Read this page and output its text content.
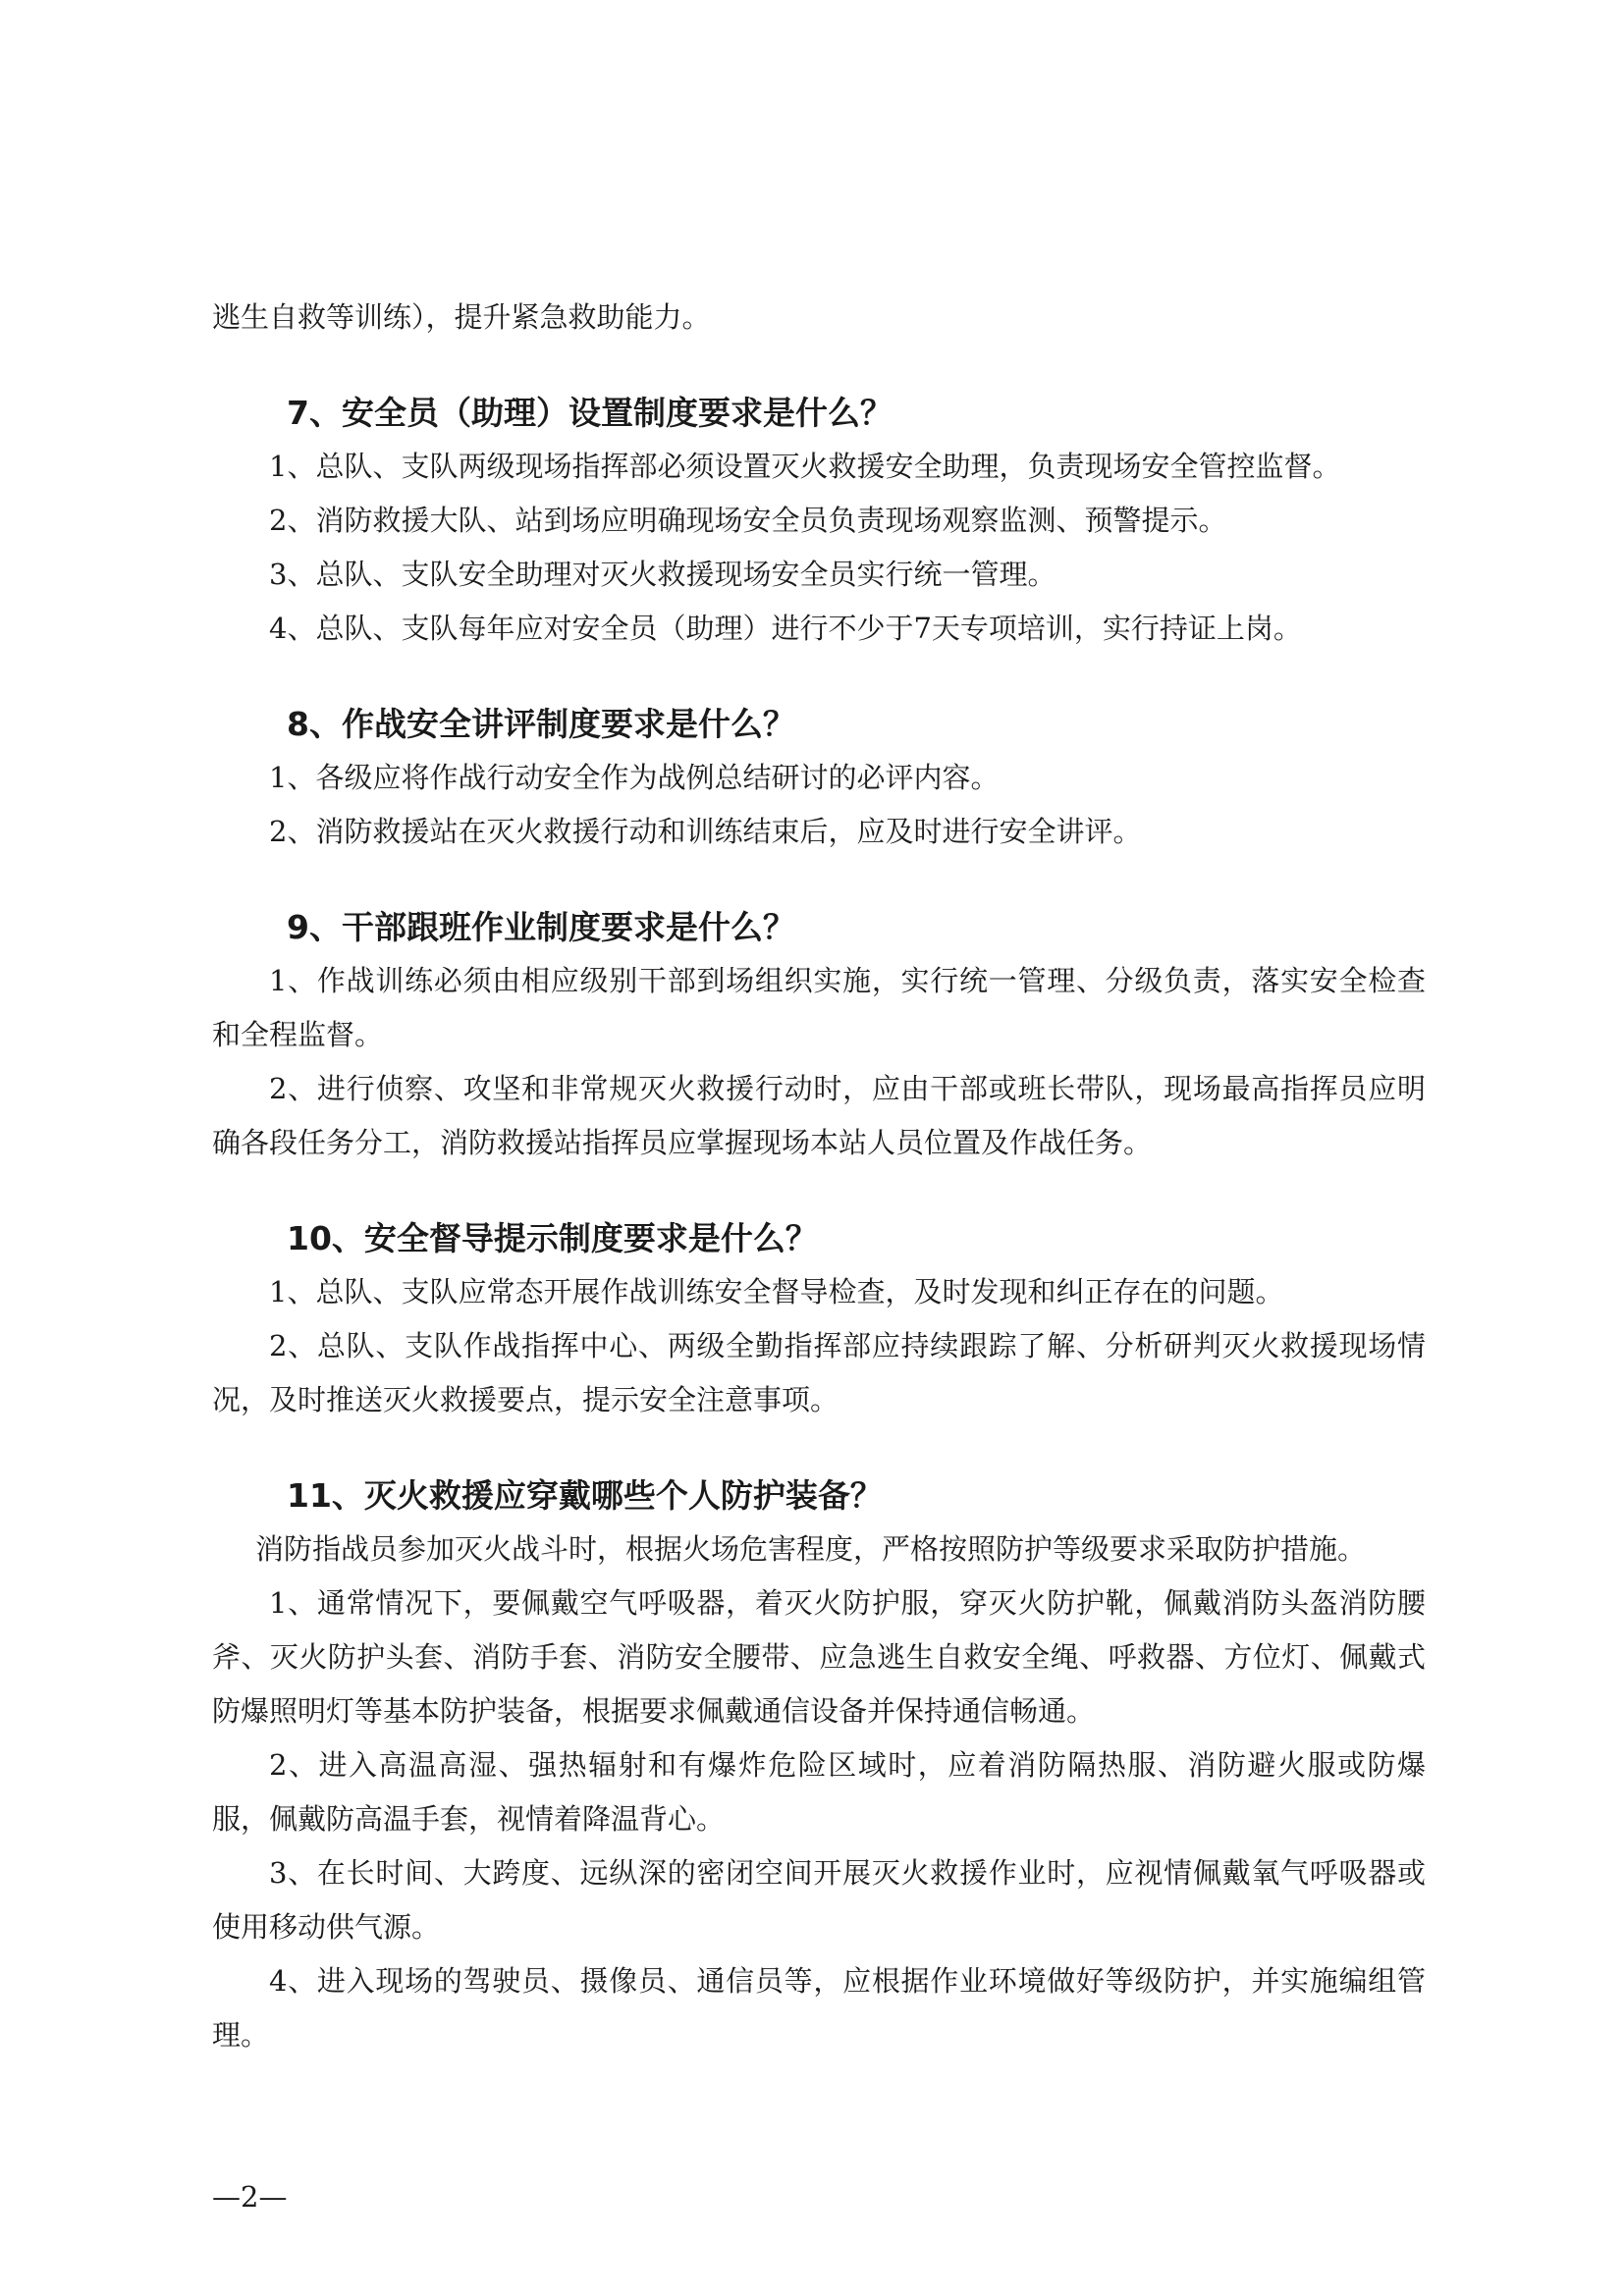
逃生自救等训练），提升紧急救助能力。

7、安全员（助理）设置制度要求是什么？

1、总队、支队两级现场指挥部必须设置灭火救援安全助理，负责现场安全管控监督。

2、消防救援大队、站到场应明确现场安全员负责现场观察监测、预警提示。

3、总队、支队安全助理对灭火救援现场安全员实行统一管理。

4、总队、支队每年应对安全员（助理）进行不少于7天专项培训，实行持证上岗。

8、作战安全讲评制度要求是什么？

1、各级应将作战行动安全作为战例总结研讨的必评内容。

2、消防救援站在灭火救援行动和训练结束后，应及时进行安全讲评。

9、干部跟班作业制度要求是什么？

1、作战训练必须由相应级别干部到场组织实施，实行统一管理、分级负责，落实安全检查和全程监督。

2、进行侦察、攻坚和非常规灭火救援行动时，应由干部或班长带队，现场最高指挥员应明确各段任务分工，消防救援站指挥员应掌握现场本站人员位置及作战任务。

10、安全督导提示制度要求是什么？

1、总队、支队应常态开展作战训练安全督导检查，及时发现和纠正存在的问题。

2、总队、支队作战指挥中心、两级全勤指挥部应持续跟踪了解、分析研判灭火救援现场情况，及时推送灭火救援要点，提示安全注意事项。

11、灭火救援应穿戴哪些个人防护装备？

消防指战员参加灭火战斗时，根据火场危害程度，严格按照防护等级要求采取防护措施。

1、通常情况下，要佩戴空气呼吸器，着灭火防护服，穿灭火防护靴，佩戴消防头盔消防腰斧、灭火防护头套、消防手套、消防安全腰带、应急逃生自救安全绳、呼救器、方位灯、佩戴式防爆照明灯等基本防护装备，根据要求佩戴通信设备并保持通信畅通。

2、进入高温高湿、强热辐射和有爆炸危险区域时，应着消防隔热服、消防避火服或防爆服，佩戴防高温手套，视情着降温背心。

3、在长时间、大跨度、远纵深的密闭空间开展灭火救援作业时，应视情佩戴氧气呼吸器或使用移动供气源。

4、进入现场的驾驶员、摄像员、通信员等，应根据作业环境做好等级防护，并实施编组管理。

—2—
